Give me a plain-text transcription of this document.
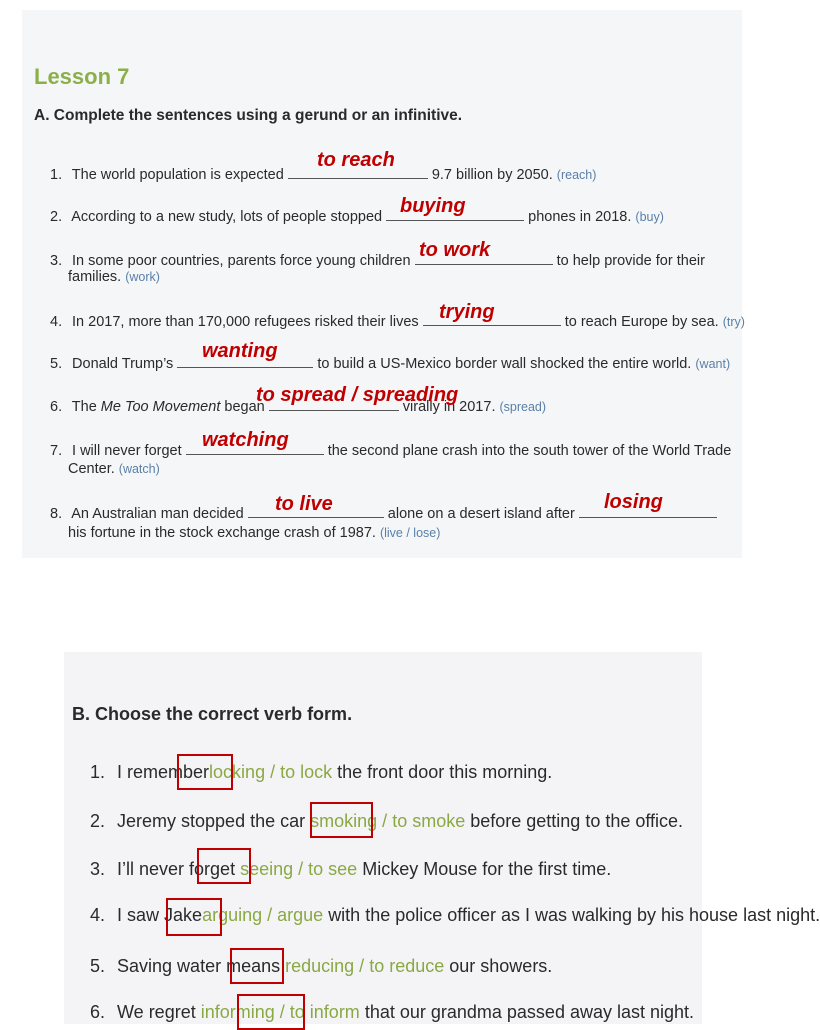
Lesson 7
A. Complete the sentences using a gerund or an infinitive.
1. The world population is expected	9.7 billion by 2050. (reach)
2. According to a new study, lots of people stopped	phones in 2018. (buy)
3. In some poor countries, parents force young children	to help provide for their
families. (work)
4. In 2017, more than 170,000 refugees risked their lives	to reach Europe by sea. (try)
5. Donald Trump’s	to build a US-Mexico border wall shocked the entire world. (want)
6. The Me Too Movement began	virally in 2017. (spread)
7. I will never forget	the second plane crash into the south tower of the World Trade
Center. (watch)
8. An Australian man decided	alone on a desert island after
his fortune in the stock exchange crash of 1987. (live / lose)
to reach
buying
to work
trying
wanting
to spread / spreading
watching
to live	losing
B. Choose the correct verb form.
1. I rememberlocking / to lock the front door this morning.
2. Jeremy stopped the car smoking / to smoke before getting to the office.
3. I’ll never forget seeing / to see Mickey Mouse for the first time.
4. I saw Jakearguing / argue with the police officer as I was walking by his house last night.
5. Saving water means reducing / to reduce our showers.
6. We regret informing / to inform that our grandma passed away last night.
